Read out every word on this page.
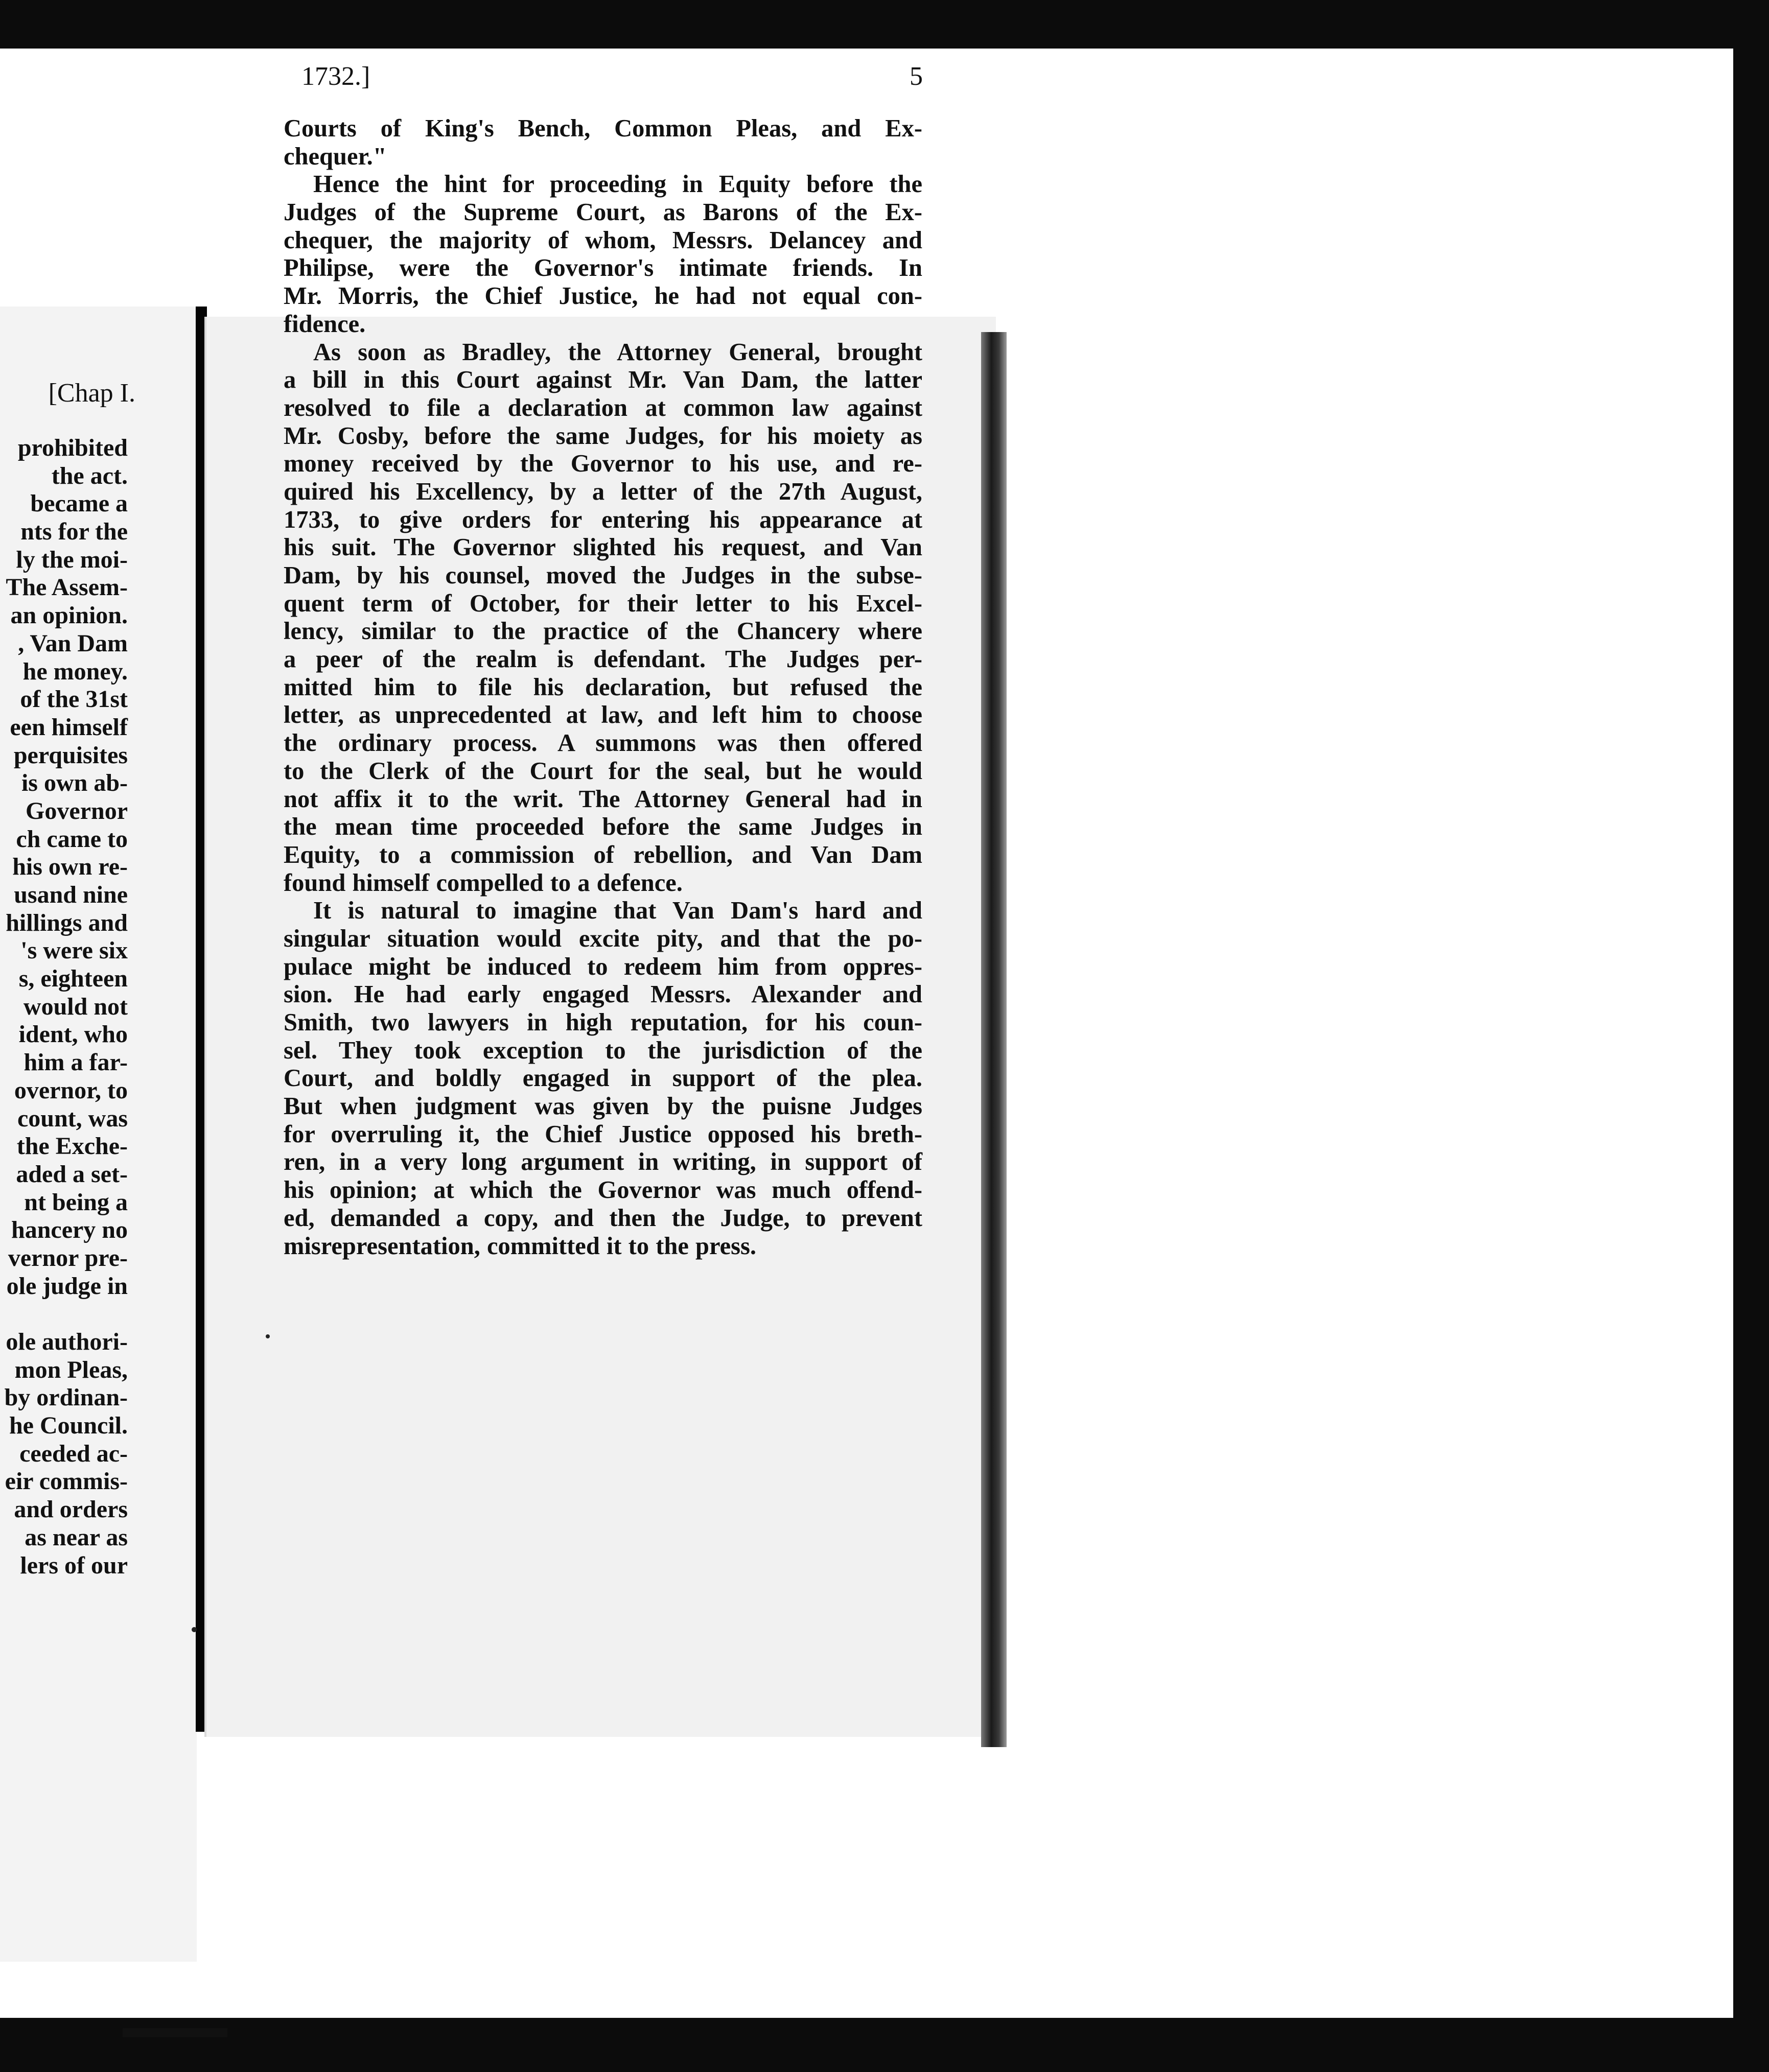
[Chap I.
prohibited
the act.
became a
nts for the
ly the moi-
The Assem-
an opinion.
, Van Dam
he money.
of the 31st
een himself
perquisites
is own ab-
Governor
ch came to
his own re-
usand nine
hillings and
's were six
s, eighteen
would not
ident, who
him a far-
overnor, to
count, was
the Exche-
aded a set-
nt being a
hancery no
vernor pre-
ole judge in
ole authori-
mon Pleas,
by ordinan-
he Council.
ceeded ac-
eir commis-
and orders
as near as
lers of our
1732.]	5
Courts of King's Bench, Common Pleas, and Ex-
chequer."
Hence the hint for proceeding in Equity before the
Judges of the Supreme Court, as Barons of the Ex-
chequer, the majority of whom, Messrs. Delancey and
Philipse, were the Governor's intimate friends. In
Mr. Morris, the Chief Justice, he had not equal con-
fidence.
As soon as Bradley, the Attorney General, brought
a bill in this Court against Mr. Van Dam, the latter
resolved to file a declaration at common law against
Mr. Cosby, before the same Judges, for his moiety as
money received by the Governor to his use, and re-
quired his Excellency, by a letter of the 27th August,
1733, to give orders for entering his appearance at
his suit. The Governor slighted his request, and Van
Dam, by his counsel, moved the Judges in the subse-
quent term of October, for their letter to his Excel-
lency, similar to the practice of the Chancery where
a peer of the realm is defendant. The Judges per-
mitted him to file his declaration, but refused the
letter, as unprecedented at law, and left him to choose
the ordinary process. A summons was then offered
to the Clerk of the Court for the seal, but he would
not affix it to the writ. The Attorney General had in
the mean time proceeded before the same Judges in
Equity, to a commission of rebellion, and Van Dam
found himself compelled to a defence.
It is natural to imagine that Van Dam's hard and
singular situation would excite pity, and that the po-
pulace might be induced to redeem him from oppres-
sion. He had early engaged Messrs. Alexander and
Smith, two lawyers in high reputation, for his coun-
sel. They took exception to the jurisdiction of the
Court, and boldly engaged in support of the plea.
But when judgment was given by the puisne Judges
for overruling it, the Chief Justice opposed his breth-
ren, in a very long argument in writing, in support of
his opinion; at which the Governor was much offend-
ed, demanded a copy, and then the Judge, to prevent
misrepresentation, committed it to the press.
